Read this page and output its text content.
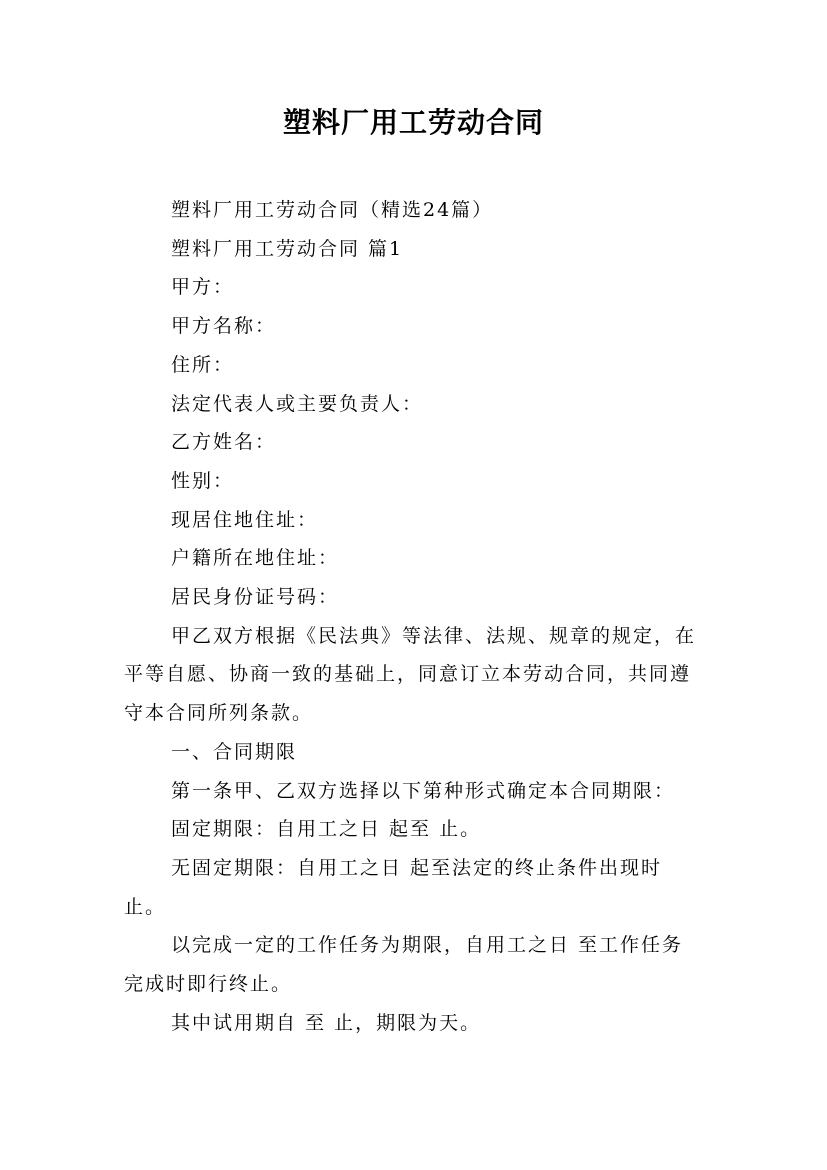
塑料厂用工劳动合同

塑料厂用工劳动合同（精选24篇）

塑料厂用工劳动合同 篇1

甲方：

甲方名称：

住所：

法定代表人或主要负责人：

乙方姓名：

性别：

现居住地住址：

户籍所在地住址：

居民身份证号码：

甲乙双方根据《民法典》等法律、法规、规章的规定，在平等自愿、协商一致的基础上，同意订立本劳动合同，共同遵守本合同所列条款。

一、合同期限

第一条甲、乙双方选择以下第种形式确定本合同期限：

固定期限：自用工之日 起至 止。

无固定期限：自用工之日 起至法定的终止条件出现时止。

以完成一定的工作任务为期限，自用工之日 至工作任务完成时即行终止。

其中试用期自 至 止，期限为天。
